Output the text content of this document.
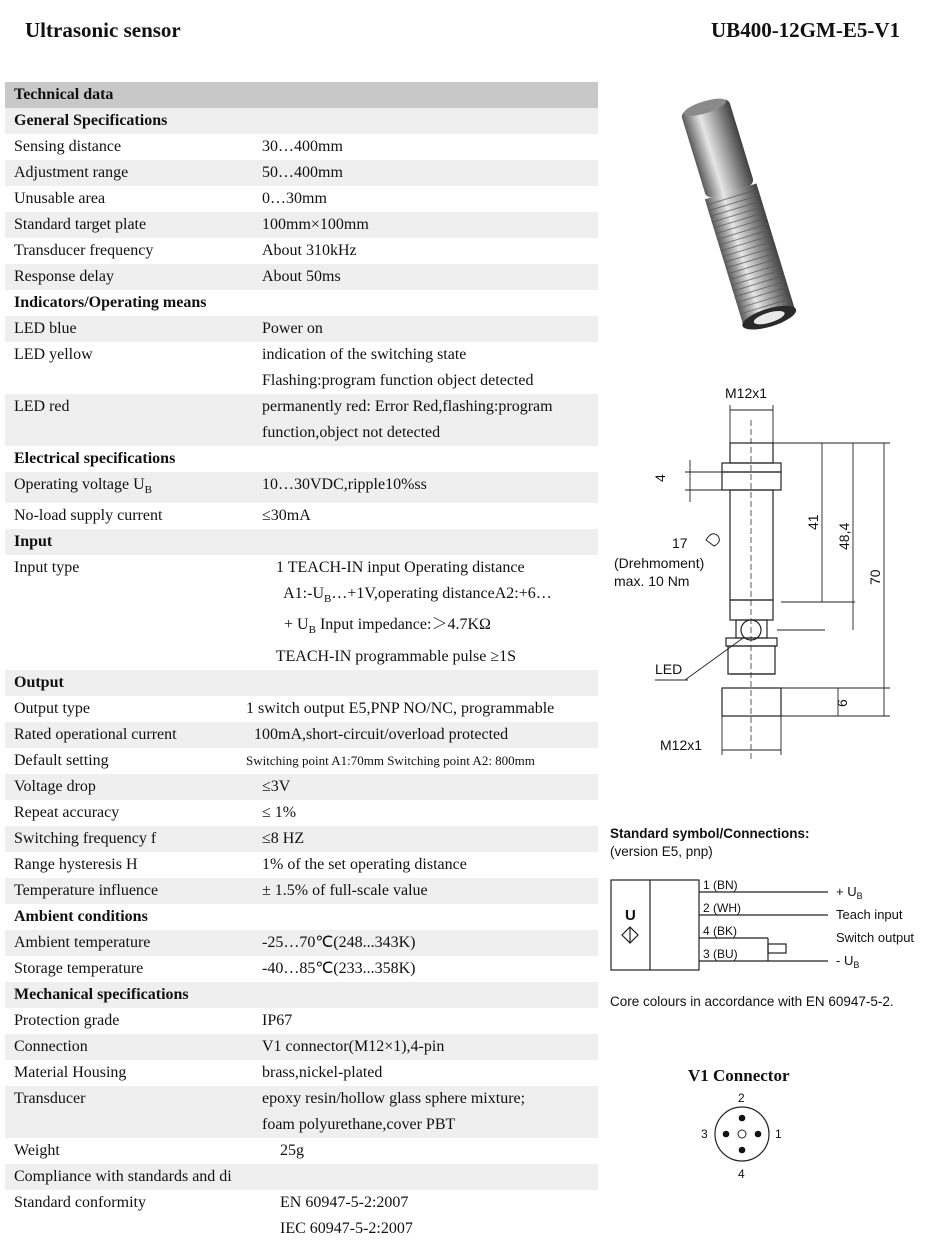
Ultrasonic sensor	UB400-12GM-E5-V1
Technical data
General Specifications
Sensing distance	30…400mm
Adjustment range	50…400mm
Unusable area	0…30mm
Standard target plate	100mm×100mm
Transducer frequency	About 310kHz
Response delay	About 50ms
Indicators/Operating means
LED blue	Power on
LED yellow	indication of the switching state
Flashing:program function object detected
LED red	permanently red: Error Red,flashing:program
function,object not detected
Electrical specifications
Operating voltage $U_B$	10…30VDC,ripple10%ss
No-load supply current	≤30mA
Input
Input type	1 TEACH-IN input Operating distance
$A1:-U_B\dots+1V,operating$ distanceA2:+6…
+ $U_B$ Input impedance:＞4.7KΩ
TEACH-IN programmable pulse ≥1S
Output
Output type	1 switch output E5,PNP NO/NC, programmable
Rated operational current	100mA,short-circuit/overload protected
Default setting	Switching point A1:70mm Switching point A2: 800mm
Voltage drop	≤3V
Repeat accuracy	≤ 1%
Switching frequency f	≤8 HZ
Range hysteresis H	1% of the set operating distance
Temperature influence	± 1.5% of full-scale value
Ambient conditions
Ambient temperature	-25…70℃(248...343K)
Storage temperature	-40…85℃(233...358K)
Mechanical specifications
Protection grade	IP67
Connection	V1 connector(M12×1),4-pin
Material Housing	brass,nickel-plated
Transducer	epoxy resin/hollow glass sphere mixture;
foam polyurethane,cover PBT
Weight	25g
Compliance with standards and di
Standard conformity	EN 60947-5-2:2007
IEC 60947-5-2:2007
M12x1
4
41
48,4
70
6
17
(Drehmoment)
max. 10 Nm
LED
M12x1
Standard symbol/Connections:
(version E5, pnp)
U
1 (BN)
2 (WH)
4 (BK)
3 (BU)
+ $U_B$
Teach input
Switch output
- $U_B$
Core colours in accordance with EN 60947-5-2.
V1 Connector
2
3	1
4
